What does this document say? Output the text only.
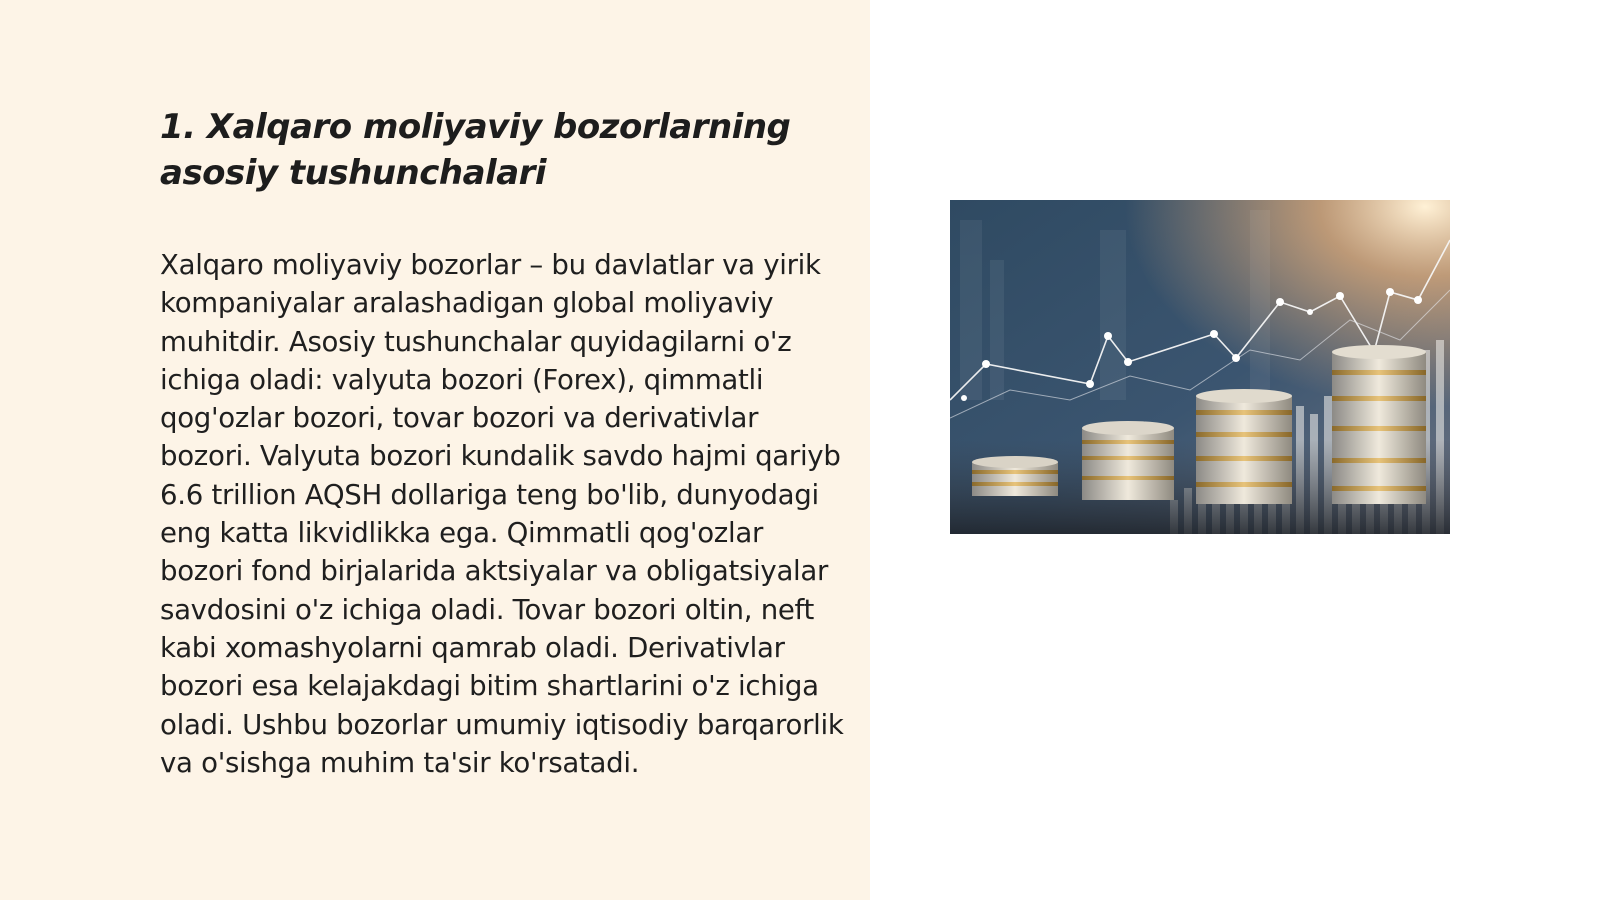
1. Xalqaro moliyaviy bozorlarning asosiy tushunchalari

Xalqaro moliyaviy bozorlar – bu davlatlar va yirik kompaniyalar aralashadigan global moliyaviy muhitdir. Asosiy tushunchalar quyidagilarni o'z ichiga oladi: valyuta bozori (Forex), qimmatli qog'ozlar bozori, tovar bozori va derivativlar bozori. Valyuta bozori kundalik savdo hajmi qariyb 6.6 trillion AQSH dollariga teng bo'lib, dunyodagi eng katta likvidlikka ega. Qimmatli qog'ozlar bozori fond birjalarida aktsiyalar va obligatsiyalar savdosini o'z ichiga oladi. Tovar bozori oltin, neft kabi xomashyolarni qamrab oladi. Derivativlar bozori esa kelajakdagi bitim shartlarini o'z ichiga oladi. Ushbu bozorlar umumiy iqtisodiy barqarorlik va o'sishga muhim ta'sir ko'rsatadi.
